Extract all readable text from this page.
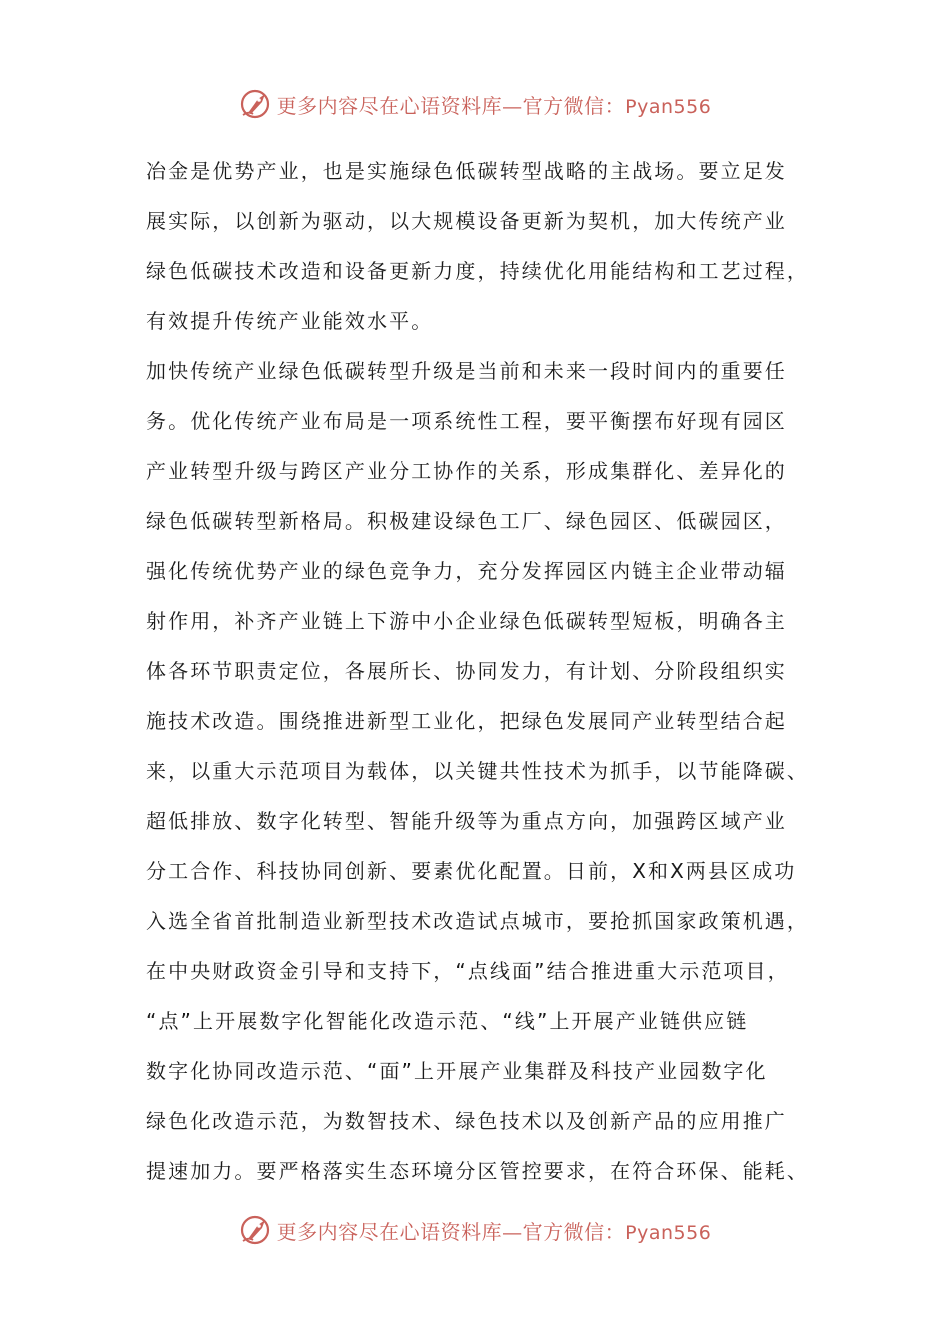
更多内容尽在心语资料库—官方微信：Pyan556
冶金是优势产业，也是实施绿色低碳转型战略的主战场。要立足发
展实际，以创新为驱动，以大规模设备更新为契机，加大传统产业
绿色低碳技术改造和设备更新力度，持续优化用能结构和工艺过程，
有效提升传统产业能效水平。
加快传统产业绿色低碳转型升级是当前和未来一段时间内的重要任
务。优化传统产业布局是一项系统性工程，要平衡摆布好现有园区
产业转型升级与跨区产业分工协作的关系，形成集群化、差异化的
绿色低碳转型新格局。积极建设绿色工厂、绿色园区、低碳园区，
强化传统优势产业的绿色竞争力，充分发挥园区内链主企业带动辐
射作用，补齐产业链上下游中小企业绿色低碳转型短板，明确各主
体各环节职责定位，各展所长、协同发力，有计划、分阶段组织实
施技术改造。围绕推进新型工业化，把绿色发展同产业转型结合起
来，以重大示范项目为载体，以关键共性技术为抓手，以节能降碳、
超低排放、数字化转型、智能升级等为重点方向，加强跨区域产业
分工合作、科技协同创新、要素优化配置。日前，X和X两县区成功
入选全省首批制造业新型技术改造试点城市，要抢抓国家政策机遇，
在中央财政资金引导和支持下，“点线面”结合推进重大示范项目，
“点”上开展数字化智能化改造示范、“线”上开展产业链供应链
数字化协同改造示范、“面”上开展产业集群及科技产业园数字化
绿色化改造示范，为数智技术、绿色技术以及创新产品的应用推广
提速加力。要严格落实生态环境分区管控要求，在符合环保、能耗、
更多内容尽在心语资料库—官方微信：Pyan556
